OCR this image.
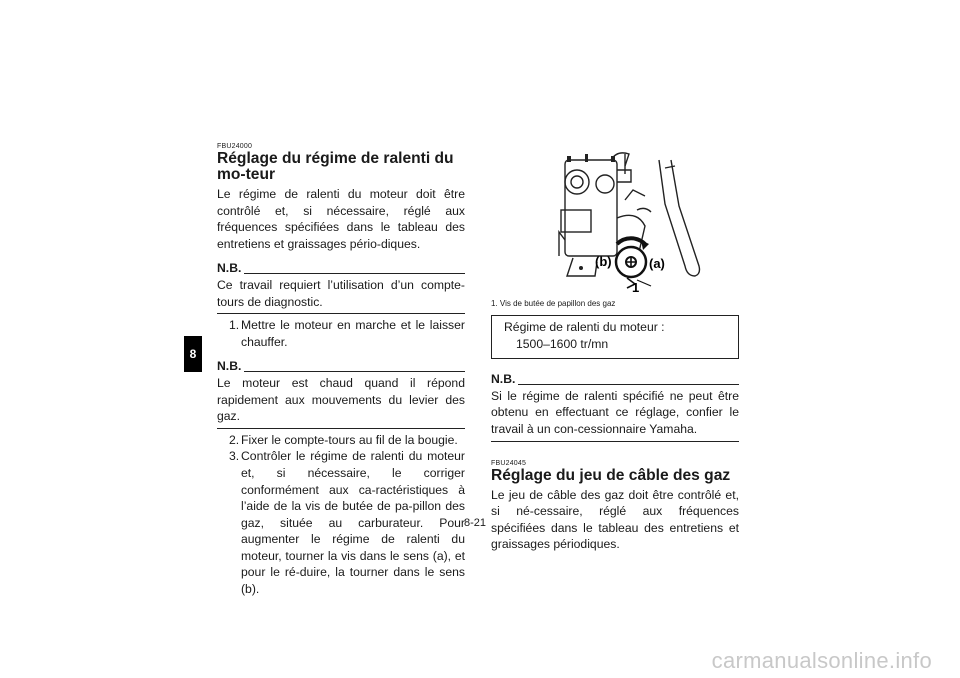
8

FBU24000

Réglage du régime de ralenti du mo-teur

Le régime de ralenti du moteur doit être contrôlé et, si nécessaire, réglé aux fréquences spécifiées dans le tableau des entretiens et graissages pério-diques.

N.B.

Ce travail requiert l’utilisation d’un compte-tours de diagnostic.

1. Mettre le moteur en marche et le laisser chauffer.
N.B.

Le moteur est chaud quand il répond rapidement aux mouvements du levier des gaz.

2. Fixer le compte-tours au fil de la bougie.
3. Contrôler le régime de ralenti du moteur et, si nécessaire, le corriger conformément aux ca-ractéristiques à l’aide de la vis de butée de pa-pillon des gaz, située au carburateur. Pour augmenter le régime de ralenti du moteur, tourner la vis dans le sens (a), et pour le ré-duire, la tourner dans le sens (b).
(b)	(a)
1

1. Vis de butée de papillon des gaz

Régime de ralenti du moteur :
1500–1600 tr/mn
N.B.

Si le régime de ralenti spécifié ne peut être obtenu en effectuant ce réglage, confier le travail à un con-cessionnaire Yamaha.

FBU24045

Réglage du jeu de câble des gaz

Le jeu de câble des gaz doit être contrôlé et, si né-cessaire, réglé aux fréquences spécifiées dans le tableau des entretiens et graissages périodiques.

8-21
carmanualsonline.info
